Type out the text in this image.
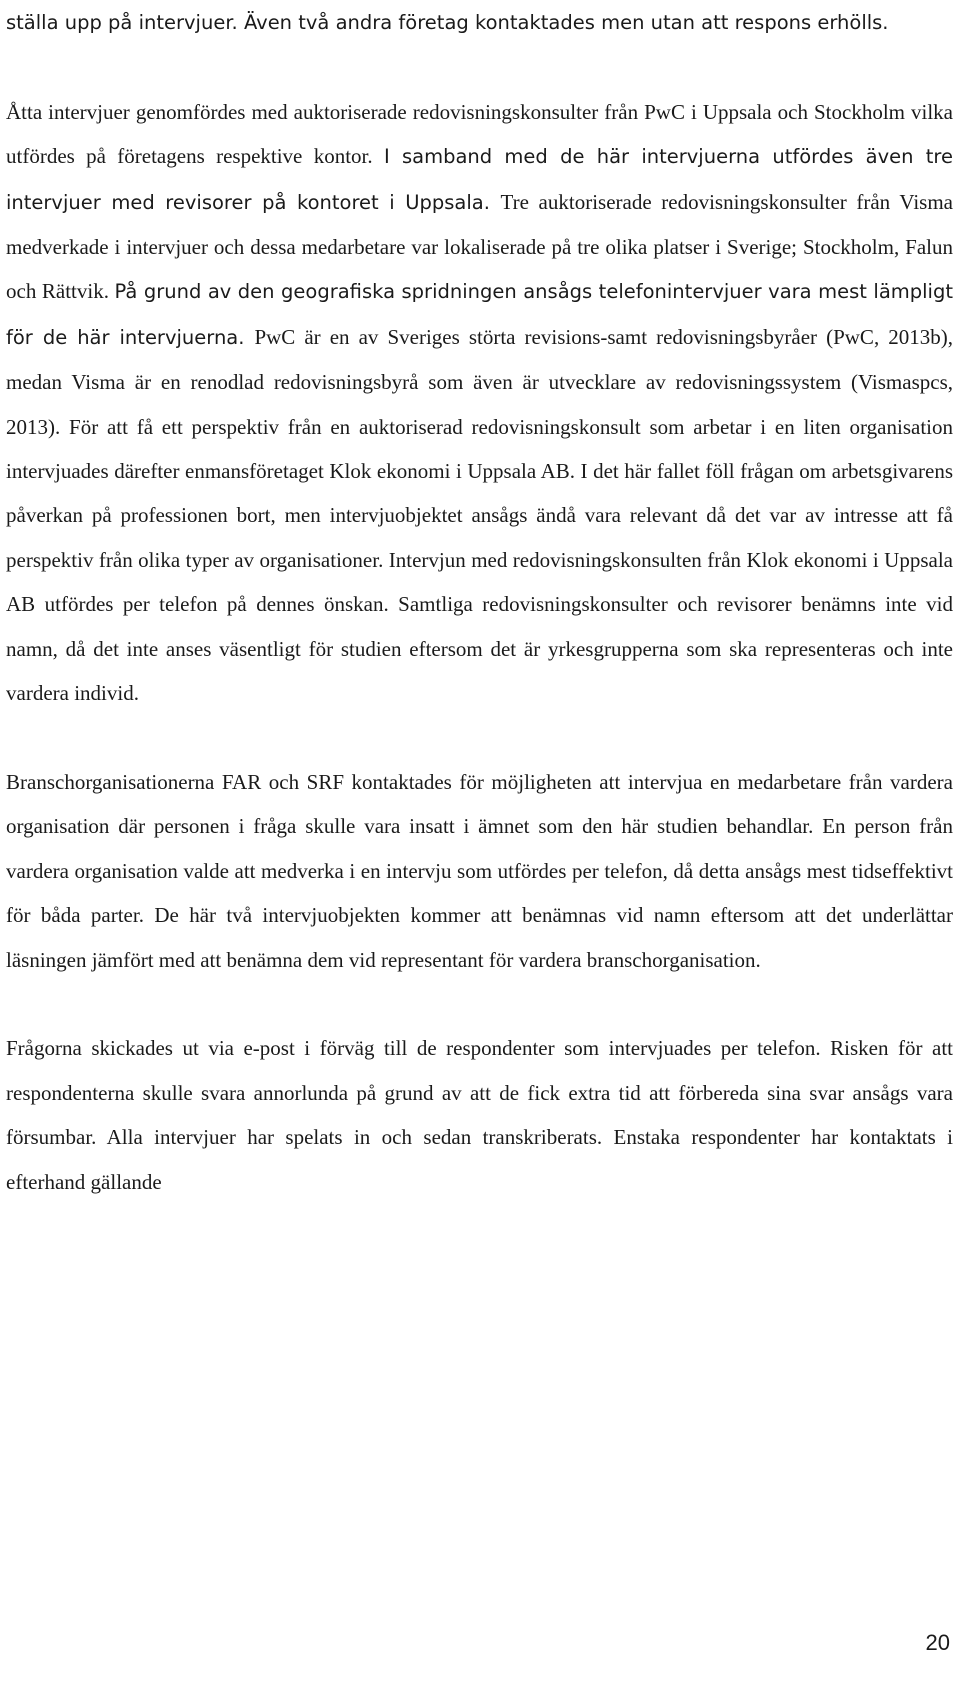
ställa upp på intervjuer. Även två andra företag kontaktades men utan att respons erhölls.

Åtta intervjuer genomfördes med auktoriserade redovisningskonsulter från PwC i Uppsala och Stockholm vilka utfördes på företagens respektive kontor. I samband med de här intervjuerna utfördes även tre intervjuer med revisorer på kontoret i Uppsala. Tre auktoriserade redovisningskonsulter från Visma medverkade i intervjuer och dessa medarbetare var lokaliserade på tre olika platser i Sverige; Stockholm, Falun och Rättvik. På grund av den geografiska spridningen ansågs telefonintervjuer vara mest lämpligt för de här intervjuerna. PwC är en av Sveriges störta revisions-samt redovisningsbyråer (PwC, 2013b), medan Visma är en renodlad redovisningsbyrå som även är utvecklare av redovisningssystem (Vismaspcs, 2013). För att få ett perspektiv från en auktoriserad redovisningskonsult som arbetar i en liten organisation intervjuades därefter enmansföretaget Klok ekonomi i Uppsala AB. I det här fallet föll frågan om arbetsgivarens påverkan på professionen bort, men intervjuobjektet ansågs ändå vara relevant då det var av intresse att få perspektiv från olika typer av organisationer. Intervjun med redovisningskonsulten från Klok ekonomi i Uppsala AB utfördes per telefon på dennes önskan. Samtliga redovisningskonsulter och revisorer benämns inte vid namn, då det inte anses väsentligt för studien eftersom det är yrkesgrupperna som ska representeras och inte vardera individ.

Branschorganisationerna FAR och SRF kontaktades för möjligheten att intervjua en medarbetare från vardera organisation där personen i fråga skulle vara insatt i ämnet som den här studien behandlar. En person från vardera organisation valde att medverka i en intervju som utfördes per telefon, då detta ansågs mest tidseffektivt för båda parter. De här två intervjuobjekten kommer att benämnas vid namn eftersom att det underlättar läsningen jämfört med att benämna dem vid representant för vardera branschorganisation.

Frågorna skickades ut via e-post i förväg till de respondenter som intervjuades per telefon. Risken för att respondenterna skulle svara annorlunda på grund av att de fick extra tid att förbereda sina svar ansågs vara försumbar. Alla intervjuer har spelats in och sedan transkriberats. Enstaka respondenter har kontaktats i efterhand gällande

20
